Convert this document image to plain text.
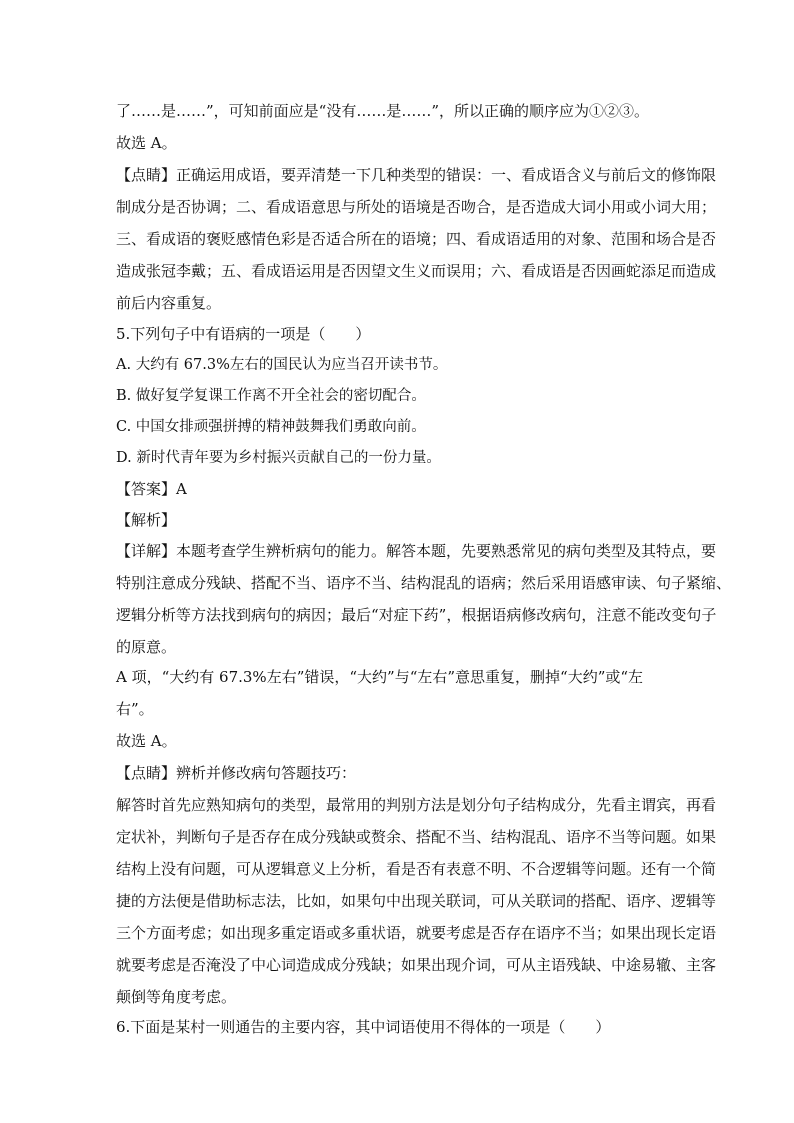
了……是……”，可知前面应是“没有……是……”，所以正确的顺序应为①②③。
故选 A。
【点睛】正确运用成语，要弄清楚一下几种类型的错误：一、看成语含义与前后文的修饰限
制成分是否协调；二、看成语意思与所处的语境是否吻合，是否造成大词小用或小词大用；
三、看成语的褒贬感情色彩是否适合所在的语境；四、看成语适用的对象、范围和场合是否
造成张冠李戴；五、看成语运用是否因望文生义而误用；六、看成语是否因画蛇添足而造成
前后内容重复。
5.下列句子中有语病的一项是（　　）
A. 大约有 67.3%左右的国民认为应当召开读书节。
B. 做好复学复课工作离不开全社会的密切配合。
C. 中国女排顽强拼搏的精神鼓舞我们勇敢向前。
D. 新时代青年要为乡村振兴贡献自己的一份力量。
【答案】A
【解析】
【详解】本题考查学生辨析病句的能力。解答本题，先要熟悉常见的病句类型及其特点，要
特别注意成分残缺、搭配不当、语序不当、结构混乱的语病；然后采用语感审读、句子紧缩、
逻辑分析等方法找到病句的病因；最后“对症下药”，根据语病修改病句，注意不能改变句子
的原意。
A 项，“大约有 67.3%左右”错误，“大约”与“左右”意思重复，删掉“大约”或“左
右”。
故选 A。
【点睛】辨析并修改病句答题技巧：
解答时首先应熟知病句的类型，最常用的判别方法是划分句子结构成分，先看主谓宾，再看
定状补，判断句子是否存在成分残缺或赘余、搭配不当、结构混乱、语序不当等问题。如果
结构上没有问题，可从逻辑意义上分析，看是否有表意不明、不合逻辑等问题。还有一个简
捷的方法便是借助标志法，比如，如果句中出现关联词，可从关联词的搭配、语序、逻辑等
三个方面考虑；如出现多重定语或多重状语，就要考虑是否存在语序不当；如果出现长定语
就要考虑是否淹没了中心词造成成分残缺；如果出现介词，可从主语残缺、中途易辙、主客
颠倒等角度考虑。
6.下面是某村一则通告的主要内容，其中词语使用不得体的一项是（　　）
